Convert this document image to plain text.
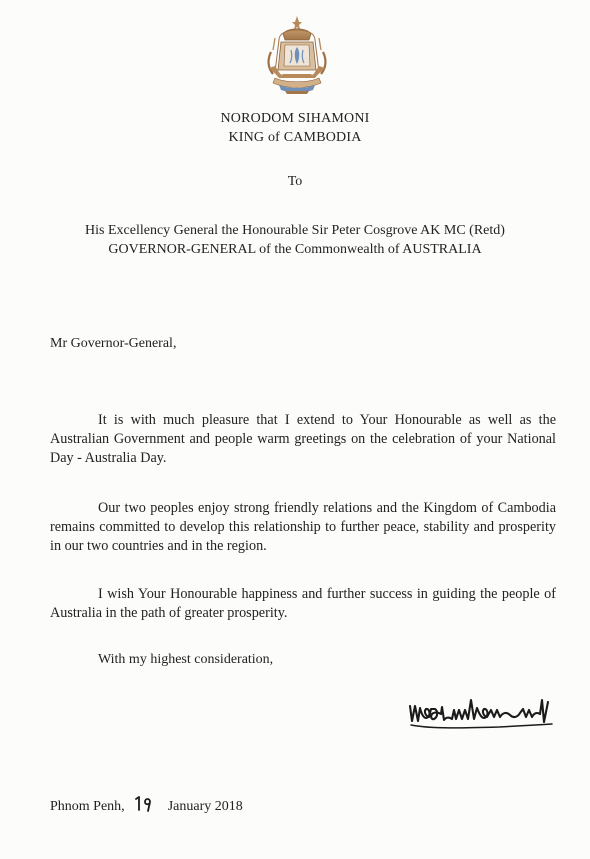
NORODOM SIHAMONI
KING of CAMBODIA
To
His Excellency General the Honourable Sir Peter Cosgrove AK MC (Retd)
GOVERNOR-GENERAL of the Commonwealth of AUSTRALIA
Mr Governor-General,
It is with much pleasure that I extend to Your Honourable as well as the Australian Government and people warm greetings on the celebration of your National Day - Australia Day.
Our two peoples enjoy strong friendly relations and the Kingdom of Cambodia remains committed to develop this relationship to further peace, stability and prosperity in our two countries and in the region.
I wish Your Honourable happiness and further success in guiding the people of Australia in the path of greater prosperity.
With my highest consideration,
Phnom Penh,	January 2018
